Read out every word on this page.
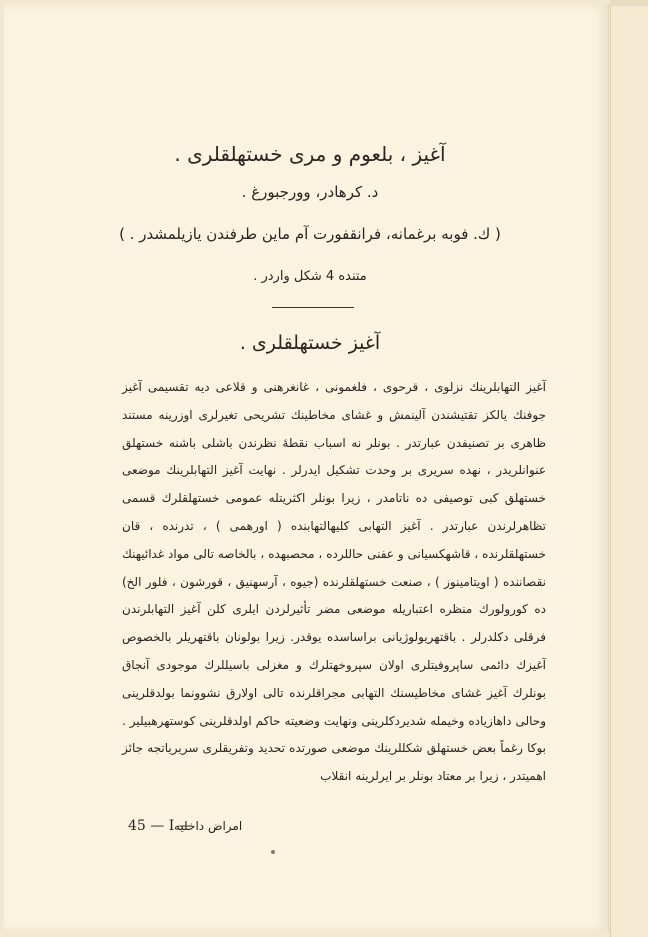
آغيز ، بلعوم و مرى خستهلقلرى .
د. كرهادر، وورجبورغ .
( ك. فوبه برغمانه، فرانقفورت آم ماين طرفندن يازيلمشدر . )
متنده 4 شكل واردر .
آغيز خستهلقلرى .

آغيز التهابلرينك نزلوى ، قرحوى ، فلغمونى ، غانغرهنى و قلاعى ديه تقسيمى آغيز جوفنك يالكز تقتيشندن آلينمش و غشاى مخاطينك تشريحى تغيرلرى اوزرينه مستند ظاهرى بر تصنيفدن عبارتدر . بونلر نه اسباب نقطهٔ نظرندن باشلى باشنه خستهلق عنوانلريدر ، نهده سريرى بر وحدت تشكيل ايدرلر . نهايت آغيز التهابلرينك موضعى خستهلق كبى توصيفى ده ناتامدر ، زيرا بونلر اكثريتله عمومى خستهلقلرك قسمى تظاهرلرندن عبارتدر . آغيز التهابى كليهالتهابنده ( اورهمى ) ، تدرنده ، قان خستهلقلرنده ، قاشهكسيانى و عفنى حاللرده ، محصبهده ، بالخاصه تالى مواد غدائيهنك نقصاننده ( اويتامينوز ) ، صنعت خستهلقلرنده (جيوه ، آرسهنيق ، قورشون ، فلور الخ) ده كورولورك منظره اعتباريله موضعى مضر تأثيرلردن ايلرى كلن آغيز التهابلرندن فرقلى دكلدرلر . باقتهريولوژيانى براساسده يوقدر. زيرا بولونان باقتهريلر بالخصوص آغيزك دائمى ساپروفيتلرى اولان سپروخهتلرك و مغزلى باسيللرك موجودى آنجاق بونلرك آغيز غشاى مخاطيسنك التهابى مجراقلرنده تالى اولارق نشوونما بولدقلرينى وحالى داهازياده وخيمله شديردكلرينى ونهايت وضعيته حاكم اولدقلرينى كوستهرهبيلير . بوكا رغماً بعض خستهلق شكللرينك موضعى صورتده تحديد وتفريقلرى سريرياتجه جائز اهميتدر ، زيرا بر معتاد بونلر بر ايرلرينه انقلاب

45 — I —
امراض داخليه
